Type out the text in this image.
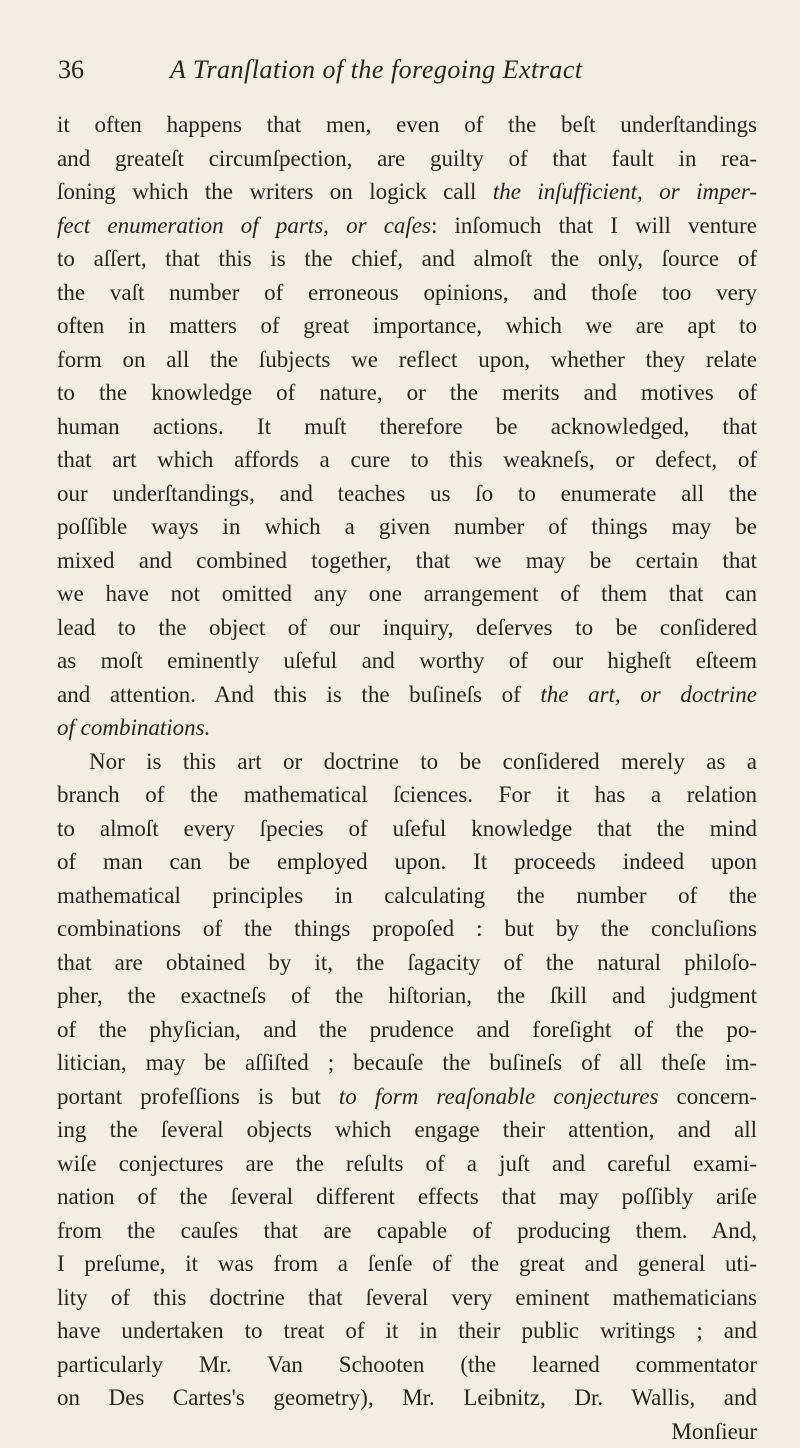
36	A Tranſlation of the foregoing Extract
it often happens that men, even of the beſt underſtandings
and greateſt circumſpection, are guilty of that fault in rea-
ſoning which the writers on logick call the inſufficient, or imper-
fect enumeration of parts, or caſes: inſomuch that I will venture
to aſſert, that this is the chief, and almoſt the only, ſource of
the vaſt number of erroneous opinions, and thoſe too very
often in matters of great importance, which we are apt to
form on all the ſubjects we reflect upon, whether they relate
to the knowledge of nature, or the merits and motives of
human actions. It muſt therefore be acknowledged, that
that art which affords a cure to this weakneſs, or defect, of
our underſtandings, and teaches us ſo to enumerate all the
poſſible ways in which a given number of things may be
mixed and combined together, that we may be certain that
we have not omitted any one arrangement of them that can
lead to the object of our inquiry, deſerves to be conſidered
as moſt eminently uſeful and worthy of our higheſt eſteem
and attention. And this is the buſineſs of the art, or doctrine
of combinations.
Nor is this art or doctrine to be conſidered merely as a
branch of the mathematical ſciences. For it has a relation
to almoſt every ſpecies of uſeful knowledge that the mind
of man can be employed upon. It proceeds indeed upon
mathematical principles in calculating the number of the
combinations of the things propoſed : but by the concluſions
that are obtained by it, the ſagacity of the natural philoſo-
pher, the exactneſs of the hiſtorian, the ſkill and judgment
of the phyſician, and the prudence and foreſight of the po-
litician, may be aſſiſted ; becauſe the buſineſs of all theſe im-
portant profeſſions is but to form reaſonable conjectures concern-
ing the ſeveral objects which engage their attention, and all
wiſe conjectures are the reſults of a juſt and careful exami-
nation of the ſeveral different effects that may poſſibly ariſe
from the cauſes that are capable of producing them. And,
I preſume, it was from a ſenſe of the great and general uti-
lity of this doctrine that ſeveral very eminent mathematicians
have undertaken to treat of it in their public writings ; and
particularly Mr. Van Schooten (the learned commentator
on Des Cartes's geometry), Mr. Leibnitz, Dr. Wallis, and
Monſieur
